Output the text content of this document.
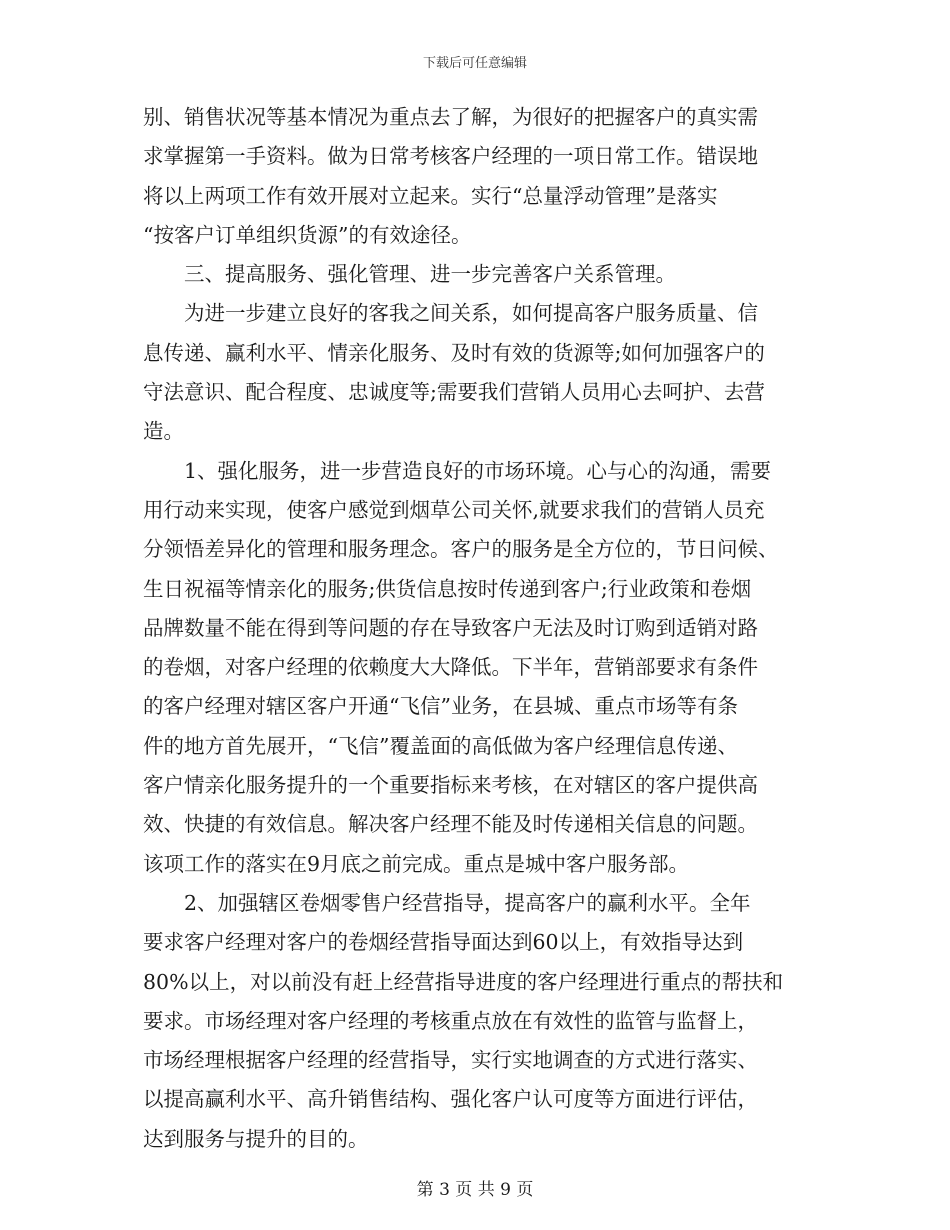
下载后可任意编辑
别、销售状况等基本情况为重点去了解，为很好的把握客户的真实需
求掌握第一手资料。做为日常考核客户经理的一项日常工作。错误地
将以上两项工作有效开展对立起来。实行“总量浮动管理”是落实
“按客户订单组织货源”的有效途径。
　　三、提高服务、强化管理、进一步完善客户关系管理。
　　为进一步建立良好的客我之间关系，如何提高客户服务质量、信
息传递、赢利水平、情亲化服务、及时有效的货源等;如何加强客户的
守法意识、配合程度、忠诚度等;需要我们营销人员用心去呵护、去营
造。
　　1、强化服务，进一步营造良好的市场环境。心与心的沟通，需要
用行动来实现，使客户感觉到烟草公司关怀,就要求我们的营销人员充
分领悟差异化的管理和服务理念。客户的服务是全方位的，节日问候、
生日祝福等情亲化的服务;供货信息按时传递到客户;行业政策和卷烟
品牌数量不能在得到等问题的存在导致客户无法及时订购到适销对路
的卷烟，对客户经理的依赖度大大降低。下半年，营销部要求有条件
的客户经理对辖区客户开通“飞信”业务，在县城、重点市场等有条
件的地方首先展开，“飞信”覆盖面的高低做为客户经理信息传递、
客户情亲化服务提升的一个重要指标来考核，在对辖区的客户提供高
效、快捷的有效信息。解决客户经理不能及时传递相关信息的问题。
该项工作的落实在9月底之前完成。重点是城中客户服务部。
　　2、加强辖区卷烟零售户经营指导，提高客户的赢利水平。全年
要求客户经理对客户的卷烟经营指导面达到60以上，有效指导达到
80%以上，对以前没有赶上经营指导进度的客户经理进行重点的帮扶和
要求。市场经理对客户经理的考核重点放在有效性的监管与监督上，
市场经理根据客户经理的经营指导，实行实地调查的方式进行落实、
以提高赢利水平、高升销售结构、强化客户认可度等方面进行评估，
达到服务与提升的目的。
第 3 页 共 9 页
